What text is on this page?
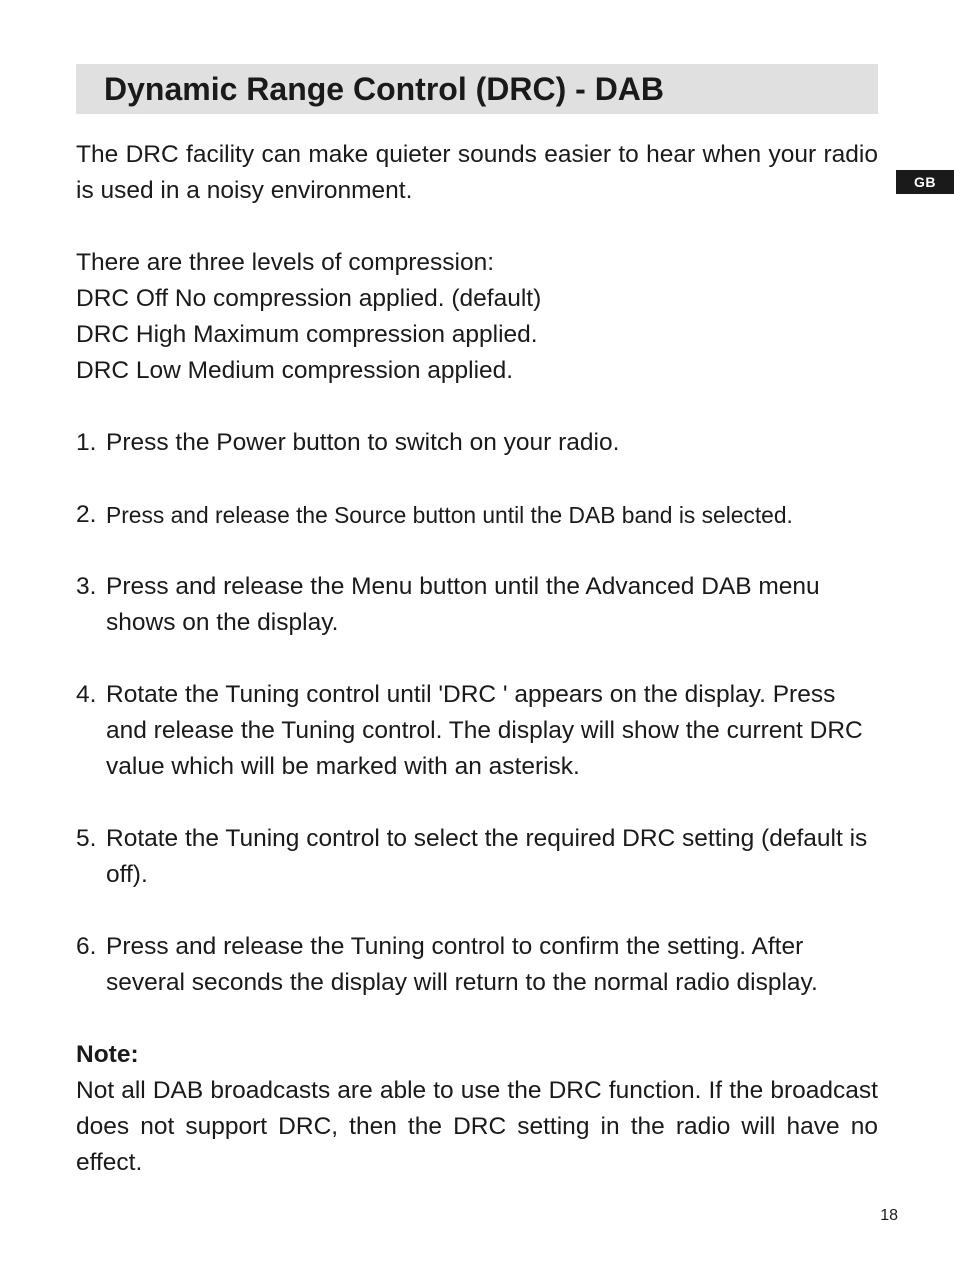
Dynamic Range Control (DRC) - DAB
GB

The DRC facility can make quieter sounds easier to hear when your radio is used in a noisy environment.

There are three levels of compression:

DRC Off No compression applied. (default)

DRC High Maximum compression applied.

DRC Low Medium compression applied.

1. Press the Power button to switch on your radio.
2. Press and release the Source button until the DAB band is selected.
3. Press and release the Menu button until the Advanced DAB menu shows on the display.
4. Rotate the Tuning control until 'DRC ' appears on the display. Press and release the Tuning control. The display will show the current DRC value which will be marked with an asterisk.
5. Rotate the Tuning control to select the required DRC setting (default is off).
6. Press and release the Tuning control to confirm the setting. After several seconds the display will return to the normal radio display.

Note:

Not all DAB broadcasts are able to use the DRC function. If the broadcast does not support DRC, then the DRC setting in the radio will have no effect.

18
